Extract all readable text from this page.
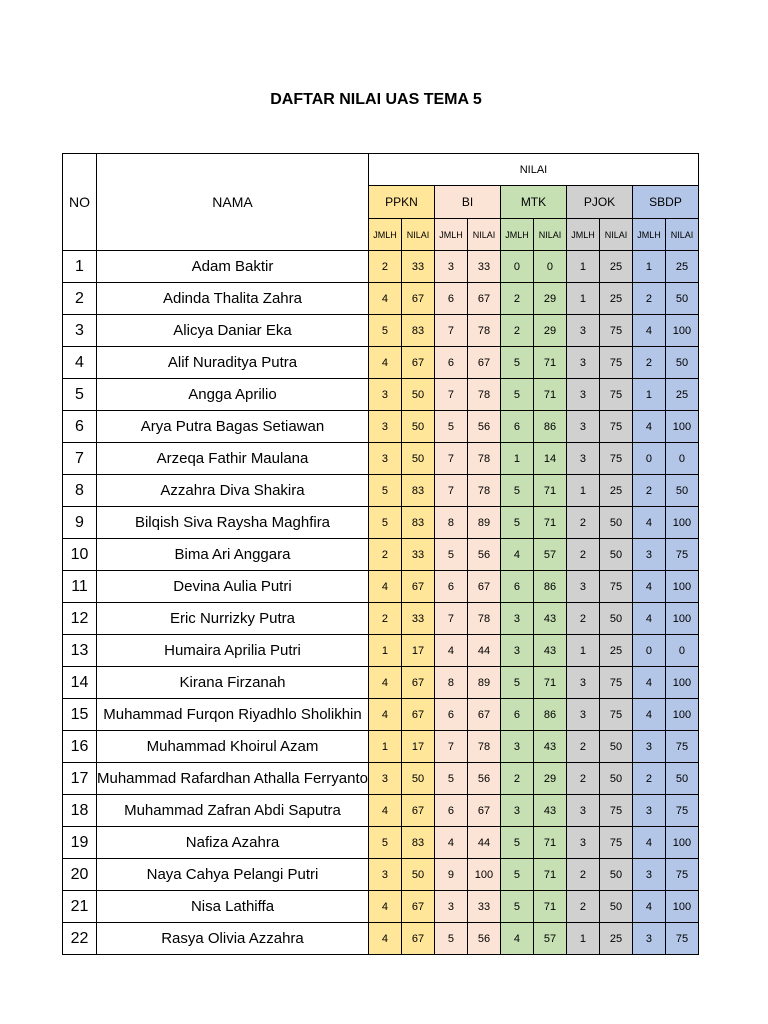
DAFTAR NILAI UAS TEMA 5
NO	NAMA	NILAI									
		PPKN		BI		MTK		PJOK		SBDP	
		JMLH	NILAI	JMLH	NILAI	JMLH	NILAI	JMLH	NILAI	JMLH	NILAI
1	Adam Baktir	2	33	3	33	0	0	1	25	1	25
2	Adinda Thalita Zahra	4	67	6	67	2	29	1	25	2	50
3	Alicya Daniar Eka	5	83	7	78	2	29	3	75	4	100
4	Alif Nuraditya Putra	4	67	6	67	5	71	3	75	2	50
5	Angga Aprilio	3	50	7	78	5	71	3	75	1	25
6	Arya Putra Bagas Setiawan	3	50	5	56	6	86	3	75	4	100
7	Arzeqa Fathir Maulana	3	50	7	78	1	14	3	75	0	0
8	Azzahra Diva Shakira	5	83	7	78	5	71	1	25	2	50
9	Bilqish Siva Raysha Maghfira	5	83	8	89	5	71	2	50	4	100
10	Bima Ari Anggara	2	33	5	56	4	57	2	50	3	75
11	Devina Aulia Putri	4	67	6	67	6	86	3	75	4	100
12	Eric Nurrizky Putra	2	33	7	78	3	43	2	50	4	100
13	Humaira Aprilia Putri	1	17	4	44	3	43	1	25	0	0
14	Kirana Firzanah	4	67	8	89	5	71	3	75	4	100
15	Muhammad Furqon Riyadhlo Sholikhin	4	67	6	67	6	86	3	75	4	100
16	Muhammad Khoirul Azam	1	17	7	78	3	43	2	50	3	75
17	Muhammad Rafardhan Athalla Ferryanto	3	50	5	56	2	29	2	50	2	50
18	Muhammad Zafran Abdi Saputra	4	67	6	67	3	43	3	75	3	75
19	Nafiza Azahra	5	83	4	44	5	71	3	75	4	100
20	Naya Cahya Pelangi Putri	3	50	9	100	5	71	2	50	3	75
21	Nisa Lathiffa	4	67	3	33	5	71	2	50	4	100
22	Rasya Olivia Azzahra	4	67	5	56	4	57	1	25	3	75
